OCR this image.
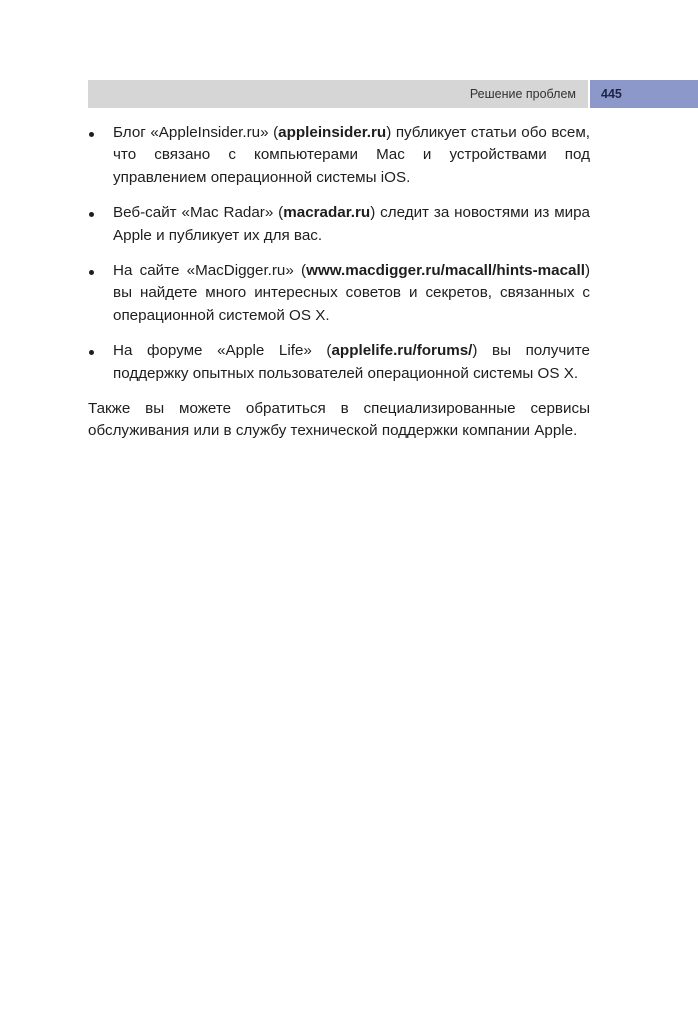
Решение проблем 445
Блог «AppleInsider.ru» (appleinsider.ru) публикует статьи обо всем, что связано с компьютерами Mac и устройствами под управлением операционной системы iOS.
Веб-сайт «Mac Radar» (macradar.ru) следит за новостями из мира Apple и публикует их для вас.
На сайте «MacDigger.ru» (www.macdigger.ru/macall/hints-macall) вы найдете много интересных советов и секретов, связанных с операционной системой OS X.
На форуме «Apple Life» (applelife.ru/forums/) вы получите поддержку опытных пользователей операционной системы OS X.

Также вы можете обратиться в специализированные сервисы обслуживания или в службу технической поддержки компании Apple.
